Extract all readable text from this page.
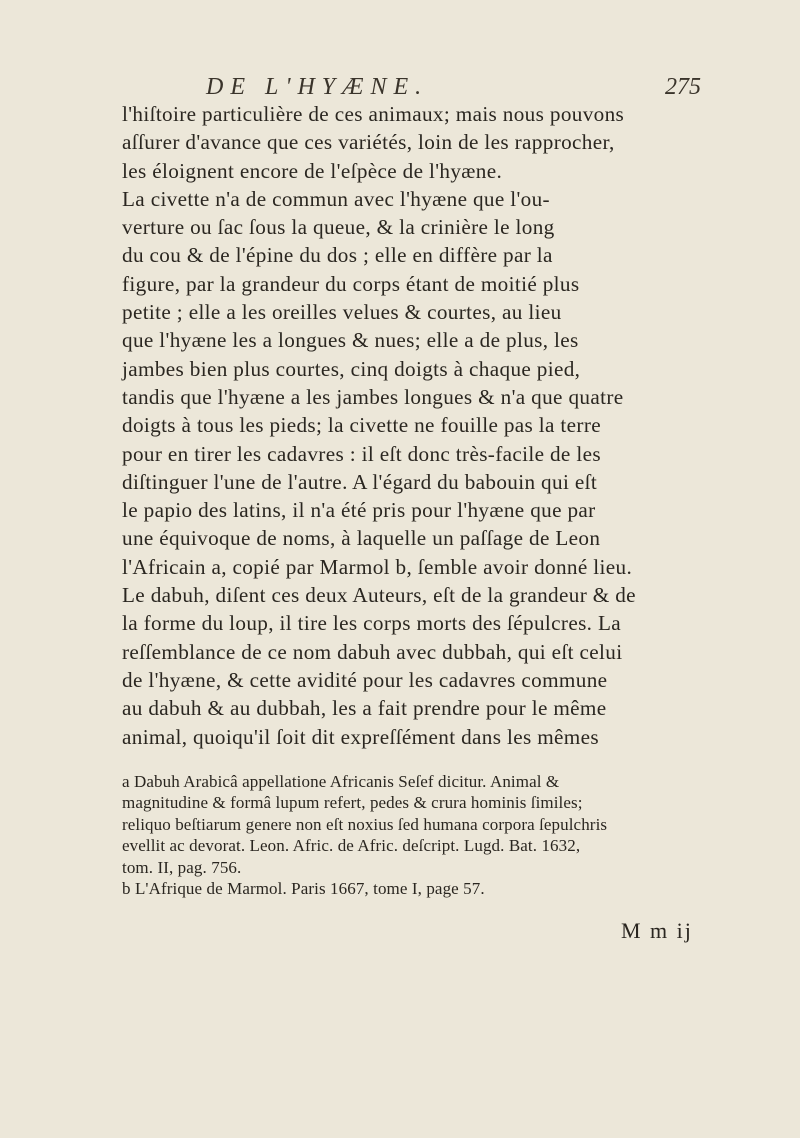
DE L'HYÆNE.	275
l'hiſtoire particulière de ces animaux; mais nous pouvons
aſſurer d'avance que ces variétés, loin de les rapprocher,
les éloignent encore de l'eſpèce de l'hyæne.
La civette n'a de commun avec l'hyæne que l'ou-
verture ou ſac ſous la queue, & la crinière le long
du cou & de l'épine du dos ; elle en diffère par la
figure, par la grandeur du corps étant de moitié plus
petite ; elle a les oreilles velues & courtes, au lieu
que l'hyæne les a longues & nues; elle a de plus, les
jambes bien plus courtes, cinq doigts à chaque pied,
tandis que l'hyæne a les jambes longues & n'a que quatre
doigts à tous les pieds; la civette ne fouille pas la terre
pour en tirer les cadavres : il eſt donc très-facile de les
diſtinguer l'une de l'autre. A l'égard du babouin qui eſt
le papio des latins, il n'a été pris pour l'hyæne que par
une équivoque de noms, à laquelle un paſſage de Leon
l'Africain a, copié par Marmol b, ſemble avoir donné lieu.
Le dabuh, diſent ces deux Auteurs, eſt de la grandeur & de
la forme du loup, il tire les corps morts des ſépulcres. La
reſſemblance de ce nom dabuh avec dubbah, qui eſt celui
de l'hyæne, & cette avidité pour les cadavres commune
au dabuh & au dubbah, les a fait prendre pour le même
animal, quoiqu'il ſoit dit expreſſément dans les mêmes
a Dabuh Arabicâ appellatione Africanis Seſef dicitur. Animal &
magnitudine & formâ lupum refert, pedes & crura hominis ſimiles;
reliquo beſtiarum genere non eſt noxius ſed humana corpora ſepulchris
evellit ac devorat. Leon. Afric. de Afric. deſcript. Lugd. Bat. 1632,
tom. II, pag. 756.
b L'Afrique de Marmol. Paris 1667, tome I, page 57.
M m ij
